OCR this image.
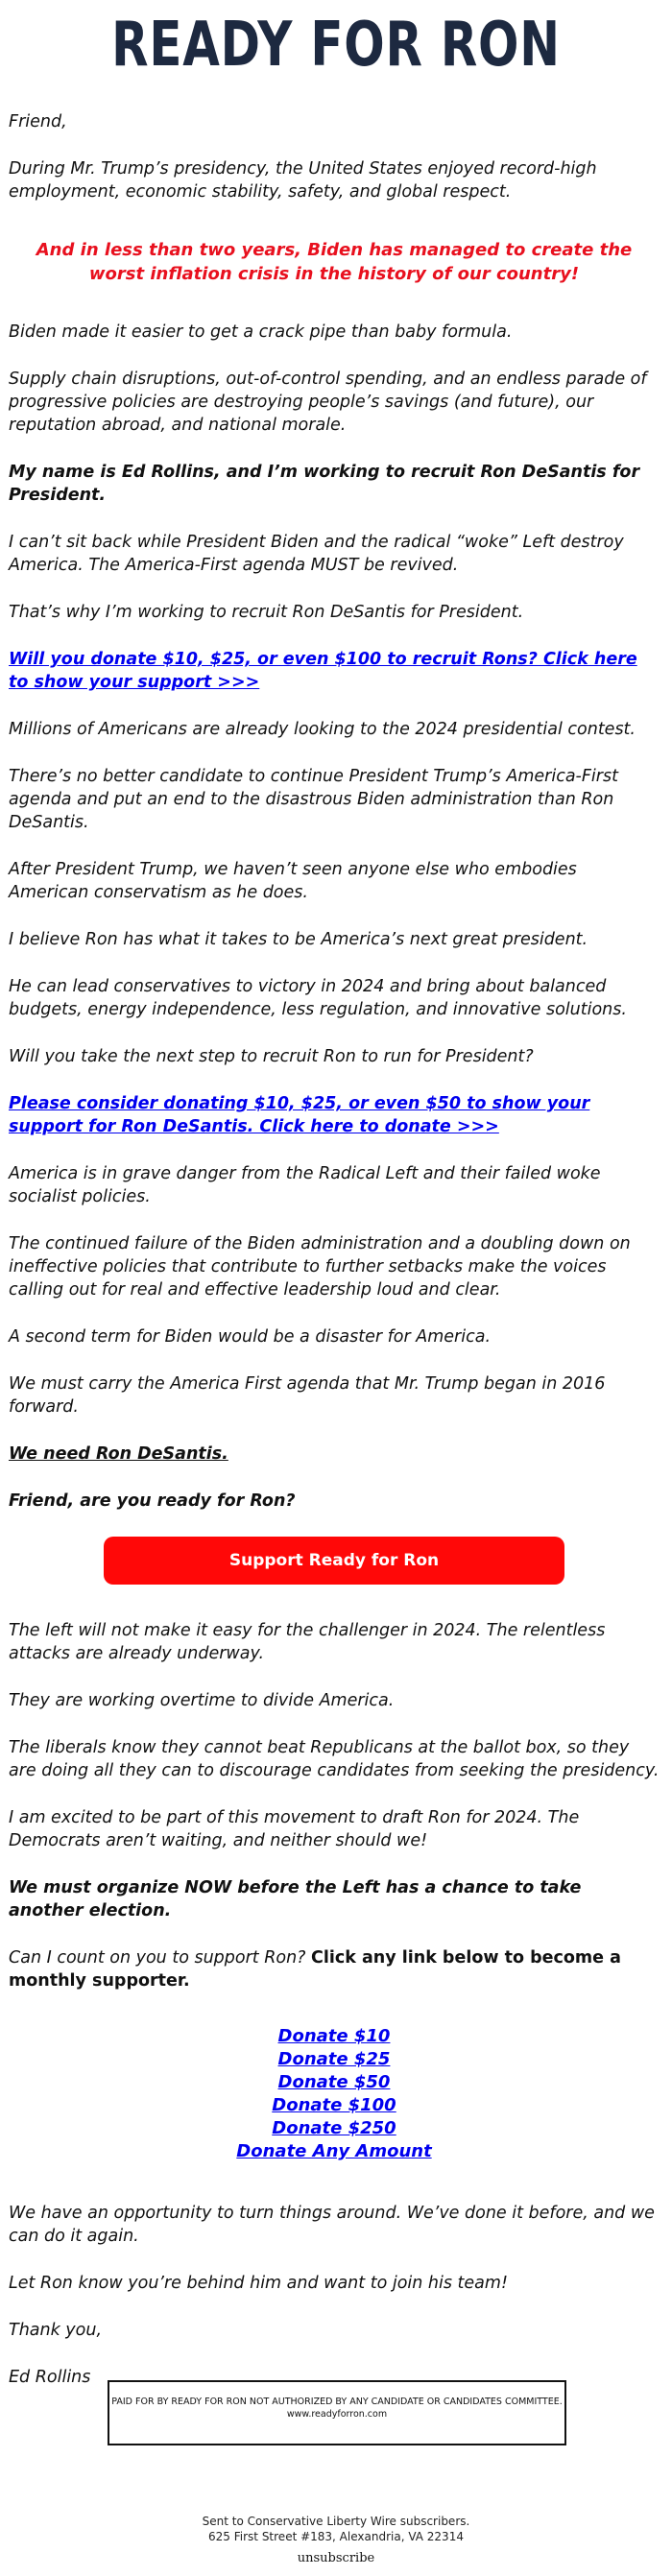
READY FOR RON

Friend,

During Mr. Trump’s presidency, the United States enjoyed record-high employment, economic stability, safety, and global respect.

And in less than two years, Biden has managed to create the worst inflation crisis in the history of our country!

Biden made it easier to get a crack pipe than baby formula.

Supply chain disruptions, out-of-control spending, and an endless parade of progressive policies are destroying people’s savings (and future), our reputation abroad, and national morale.

My name is Ed Rollins, and I’m working to recruit Ron DeSantis for President.

I can’t sit back while President Biden and the radical “woke” Left destroy America. The America-First agenda MUST be revived.

That’s why I’m working to recruit Ron DeSantis for President.

Will you donate $10, $25, or even $100 to recruit Rons? Click here to show your support >>>

Millions of Americans are already looking to the 2024 presidential contest.

There’s no better candidate to continue President Trump’s America-First agenda and put an end to the disastrous Biden administration than Ron DeSantis.

After President Trump, we haven’t seen anyone else who embodies American conservatism as he does.

I believe Ron has what it takes to be America’s next great president.

He can lead conservatives to victory in 2024 and bring about balanced budgets, energy independence, less regulation, and innovative solutions.

Will you take the next step to recruit Ron to run for President?

Please consider donating $10, $25, or even $50 to show your support for Ron DeSantis. Click here to donate >>>

America is in grave danger from the Radical Left and their failed woke socialist policies.

The continued failure of the Biden administration and a doubling down on ineffective policies that contribute to further setbacks make the voices calling out for real and effective leadership loud and clear.

A second term for Biden would be a disaster for America.

We must carry the America First agenda that Mr. Trump began in 2016 forward.

We need Ron DeSantis.

Friend, are you ready for Ron?

Support Ready for Ron

The left will not make it easy for the challenger in 2024. The relentless attacks are already underway.

They are working overtime to divide America.

The liberals know they cannot beat Republicans at the ballot box, so they are doing all they can to discourage candidates from seeking the presidency.

I am excited to be part of this movement to draft Ron for 2024. The Democrats aren’t waiting, and neither should we!

We must organize NOW before the Left has a chance to take another election.

Can I count on you to support Ron? Click any link below to become a monthly supporter.

Donate $10
Donate $25
Donate $50
Donate $100
Donate $250
Donate Any Amount

We have an opportunity to turn things around. We’ve done it before, and we can do it again.

Let Ron know you’re behind him and want to join his team!

Thank you,

Ed Rollins

PAID FOR BY READY FOR RON NOT AUTHORIZED BY ANY CANDIDATE OR CANDIDATES COMMITTEE.
www.readyforron.com
Sent to Conservative Liberty Wire subscribers.
625 First Street #183, Alexandria, VA 22314
unsubscribe
